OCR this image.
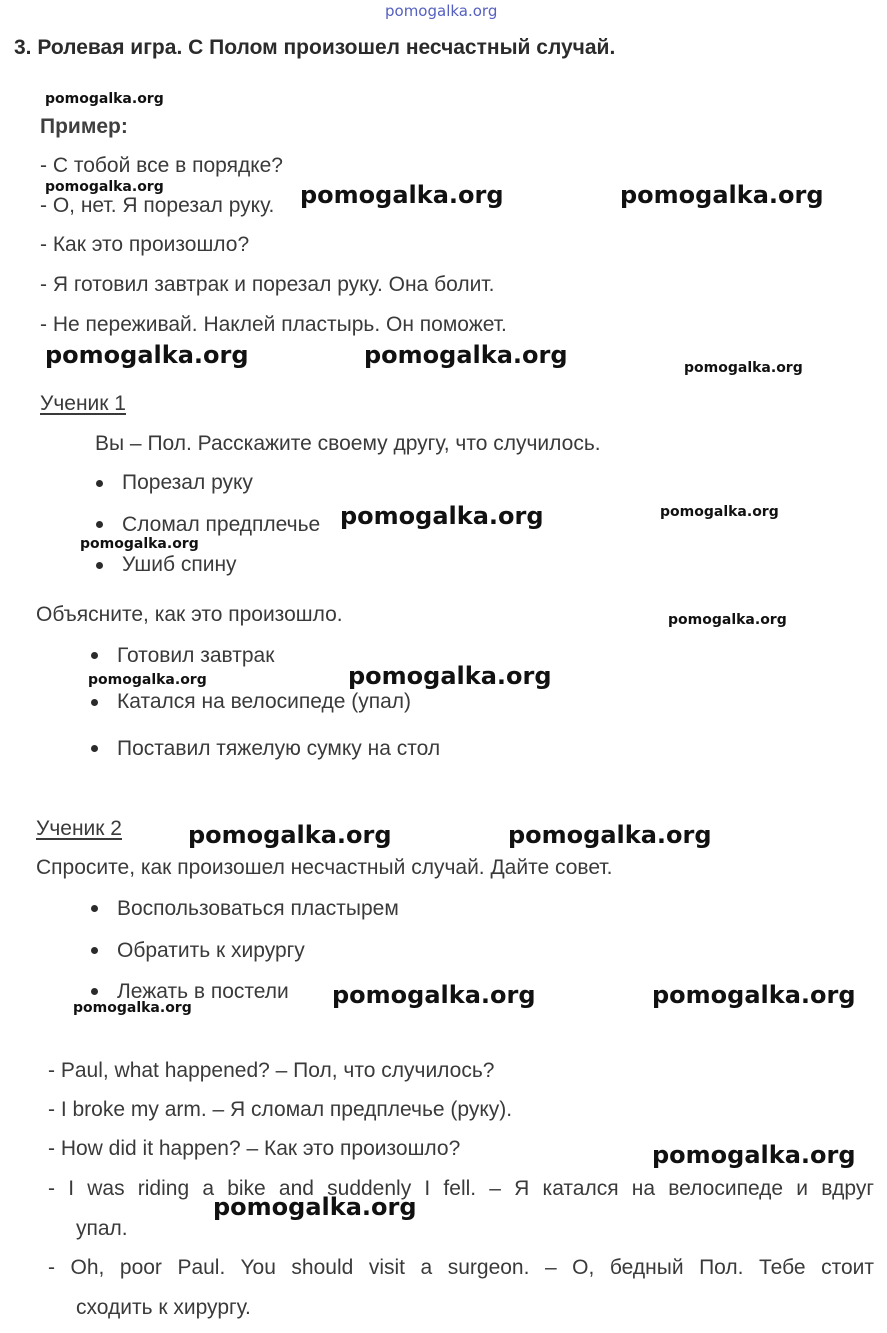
pomogalka.org
3. Ролевая игра. С Полом произошел несчастный случай.
Пример:
- С тобой все в порядке?
- О, нет. Я порезал руку.
- Как это произошло?
- Я готовил завтрак и порезал руку. Она болит.
- Не переживай. Наклей пластырь. Он поможет.
Ученик 1
Вы – Пол. Расскажите своему другу, что случилось.
Порезал руку
Сломал предплечье
Ушиб спину
Объясните, как это произошло.
Готовил завтрак
Катался на велосипеде (упал)
Поставил тяжелую сумку на стол
Ученик 2
Спросите, как произошел несчастный случай. Дайте совет.
Воспользоваться пластырем
Обратить к хирургу
Лежать в постели
- Paul, what happened? – Пол, что случилось?
- I broke my arm. – Я сломал предплечье (руку).
- How did it happen? – Как это произошло?
- I was riding a bike and suddenly I fell. – Я катался на велосипеде и вдруг
упал.
- Oh, poor Paul. You should visit a surgeon. – О, бедный Пол. Тебе стоит
сходить к хирургу.
pomogalka.org
pomogalka.org	pomogalka.org	pomogalka.org
pomogalka.org	pomogalka.org	pomogalka.org
pomogalka.org	pomogalka.org
pomogalka.org
pomogalka.org
pomogalka.org
pomogalka.org
pomogalka.org	pomogalka.org
pomogalka.org	pomogalka.org
pomogalka.org
pomogalka.org
pomogalka.org
